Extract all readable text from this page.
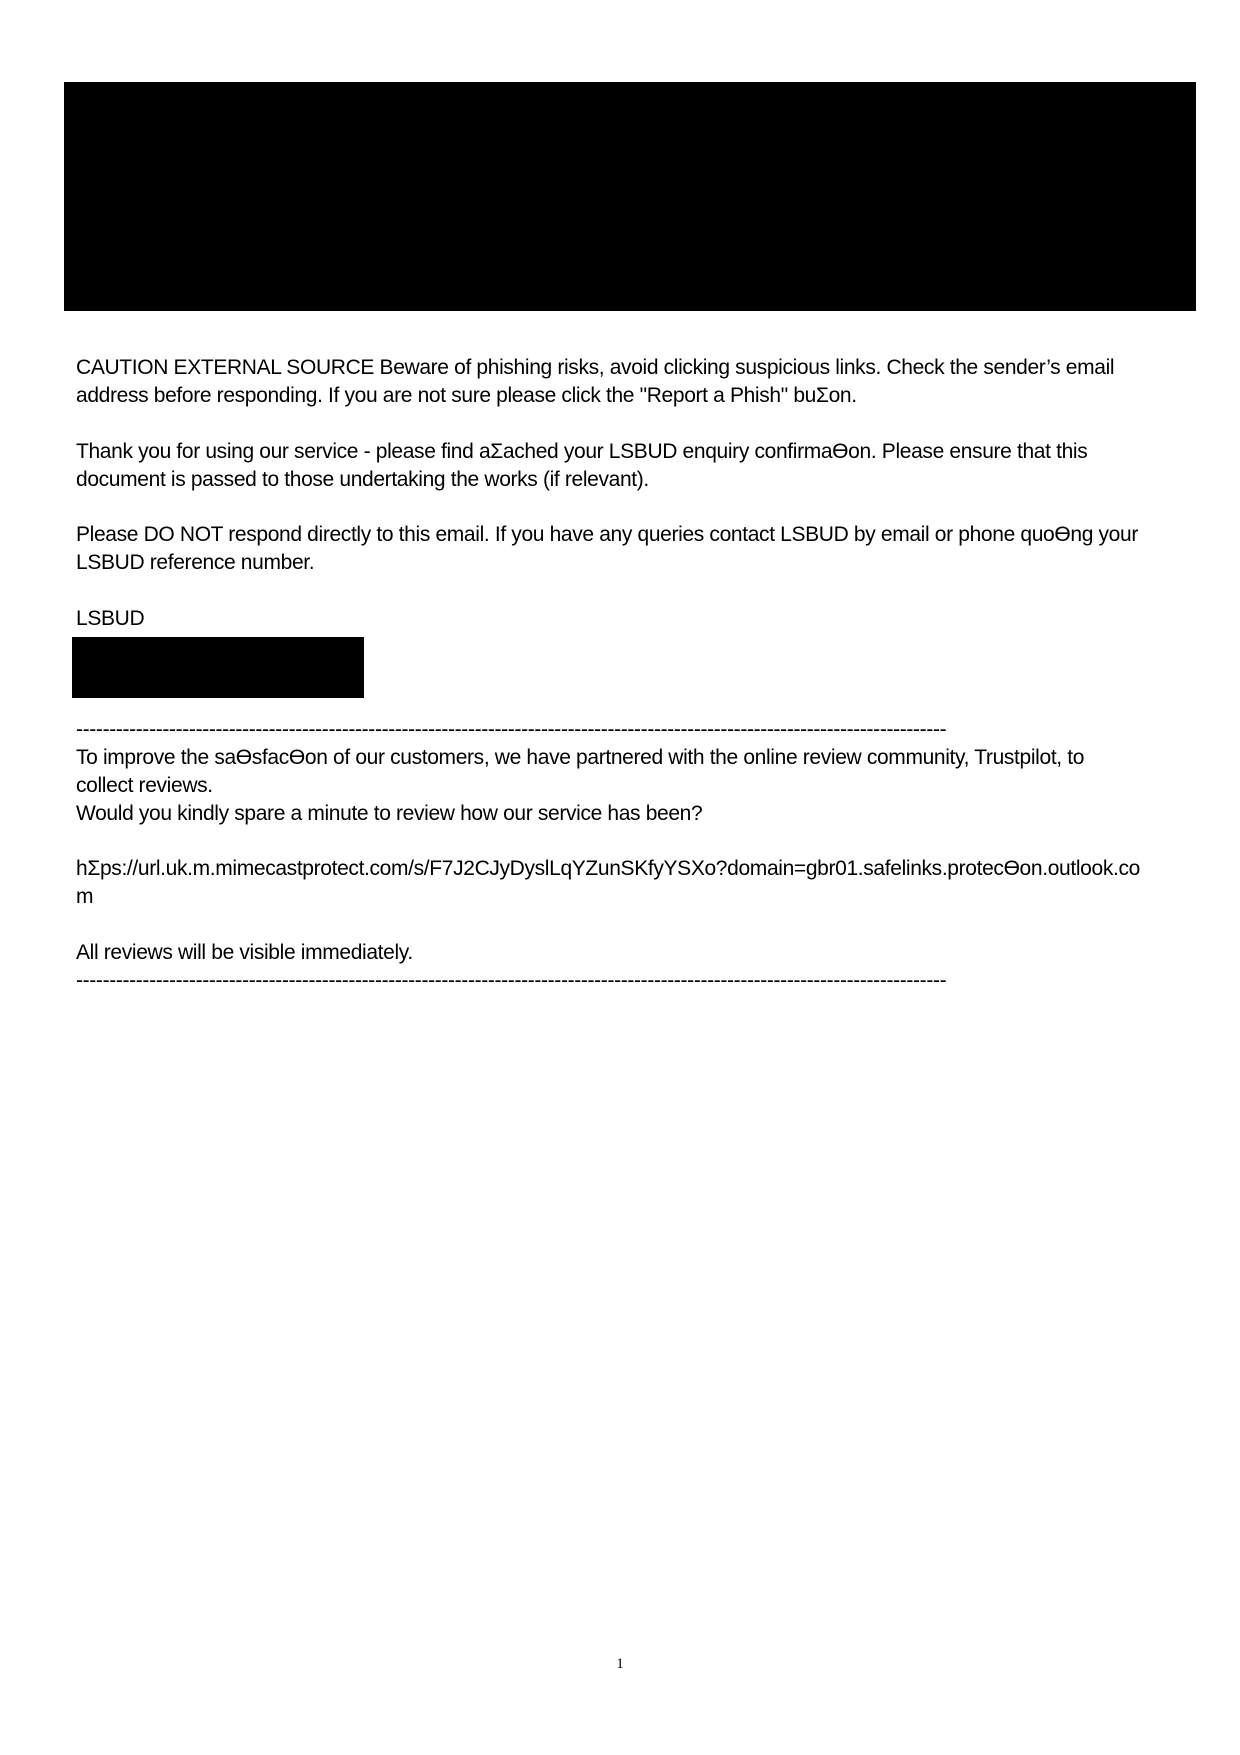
CAUTION EXTERNAL SOURCE Beware of phishing risks, avoid clicking suspicious links. Check the sender’s email
address before responding. If you are not sure please click the "Report a Phish" buΣon.
Thank you for using our service - please find aΣached your LSBUD enquiry confirmaϴon. Please ensure that this
document is passed to those undertaking the works (if relevant).
Please DO NOT respond directly to this email. If you have any queries contact LSBUD by email or phone quoϴng your
LSBUD reference number.
LSBUD
-----------------------------------------------------------------------------------------------------------------------------------
To improve the saϴsfacϴon of our customers, we have partnered with the online review community, Trustpilot, to
collect reviews.
Would you kindly spare a minute to review how our service has been?
hΣps://url.uk.m.mimecastprotect.com/s/F7J2CJyDyslLqYZunSKfyYSXo?domain=gbr01.safelinks.protecϴon.outlook.co
m
All reviews will be visible immediately.
-----------------------------------------------------------------------------------------------------------------------------------
1
